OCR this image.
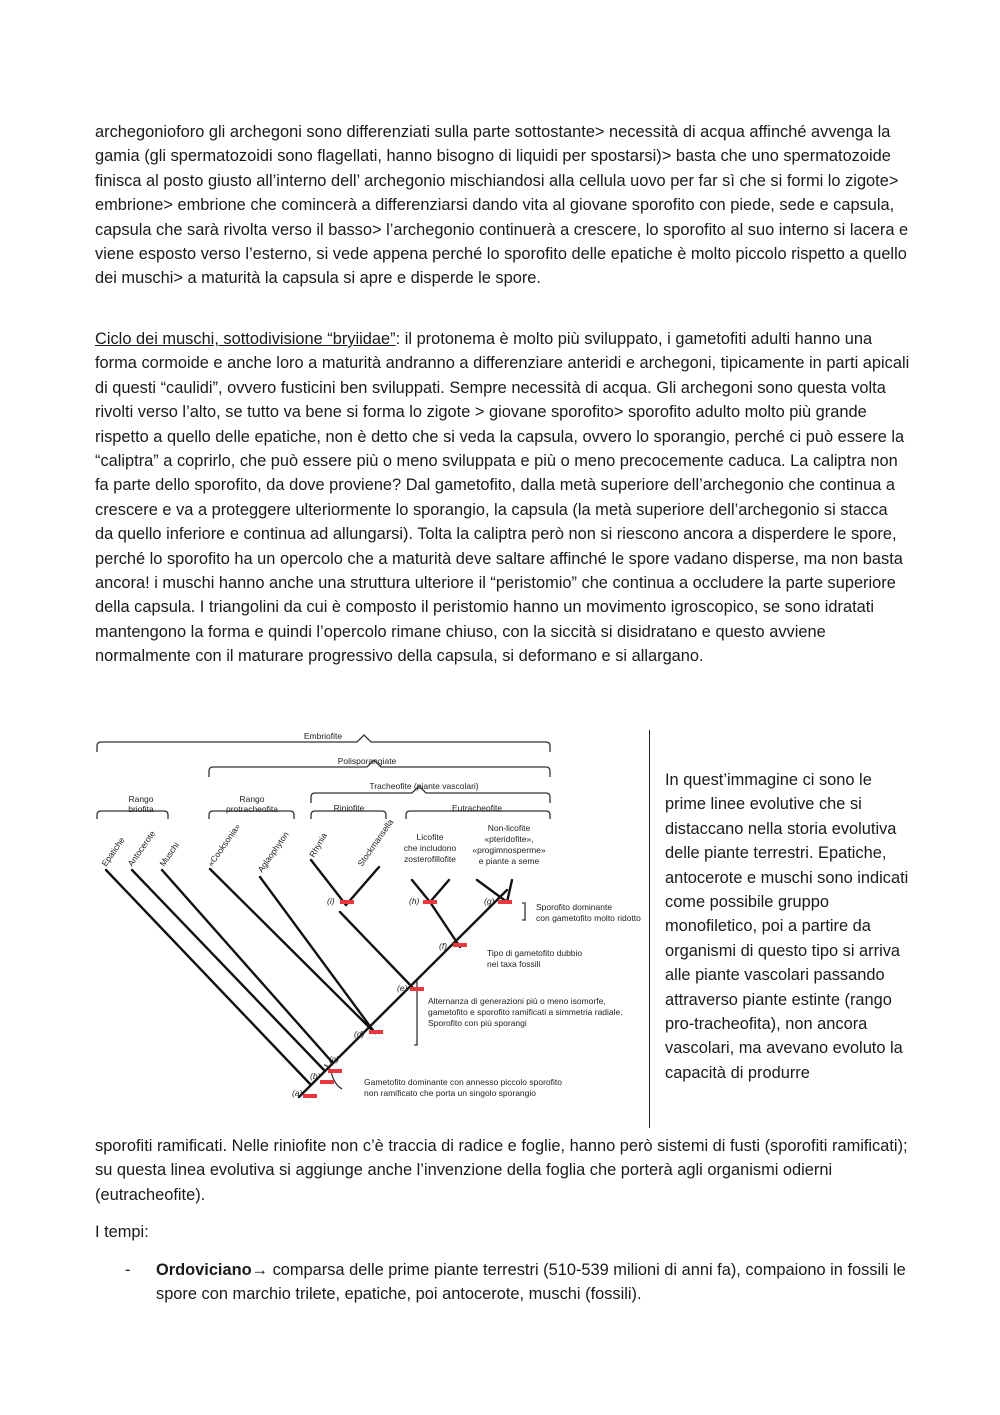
archegonioforo gli archegoni sono differenziati sulla parte sottostante> necessità di acqua affinché avvenga la gamia (gli spermatozoidi sono flagellati, hanno bisogno di liquidi per spostarsi)> basta che uno spermatozoide finisca al posto giusto all’interno dell’ archegonio mischiandosi alla cellula uovo per far sì che si formi lo zigote> embrione> embrione che comincerà a differenziarsi dando vita al giovane sporofito con piede, sede e capsula, capsula che sarà rivolta verso il basso> l’archegonio continuerà a crescere, lo sporofito al suo interno si lacera e viene esposto verso l’esterno, si vede appena perché lo sporofito delle epatiche è molto piccolo rispetto a quello dei muschi> a maturità la capsula si apre e disperde le spore.

Ciclo dei muschi, sottodivisione “bryiidae”: il protonema è molto più sviluppato, i gametofiti adulti hanno una forma cormoide e anche loro a maturità andranno a differenziare anteridi e archegoni, tipicamente in parti apicali di questi “caulidi”, ovvero fusticini ben sviluppati. Sempre necessità di acqua. Gli archegoni sono questa volta rivolti verso l’alto, se tutto va bene si forma lo zigote > giovane sporofito> sporofito adulto molto più grande rispetto a quello delle epatiche, non è detto che si veda la capsula, ovvero lo sporangio, perché ci può essere la “caliptra” a coprirlo, che può essere più o meno sviluppata e più o meno precocemente caduca. La caliptra non fa parte dello sporofito, da dove proviene? Dal gametofito, dalla metà superiore dell’archegonio che continua a crescere e va a proteggere ulteriormente lo sporangio, la capsula (la metà superiore dell’archegonio si stacca da quello inferiore e continua ad allungarsi). Tolta la caliptra però non si riescono ancora a disperdere le spore, perché lo sporofito ha un opercolo che a maturità deve saltare affinché le spore vadano disperse, ma non basta ancora! i muschi hanno anche una struttura ulteriore il “peristomio” che continua a occludere la parte superiore della capsula. I triangolini da cui è composto il peristomio hanno un movimento igroscopico, se sono idratati mantengono la forma e quindi l’opercolo rimane chiuso, con la siccità si disidratano e questo avviene normalmente con il maturare progressivo della capsula, si deformano e si allargano.

Embriofite
Polisporangiate
Tracheofite (piante vascolari)
Rango
briofita
Rango
protracheofita	Riniofite	Eutracheofite
Epatiche
Antocerote Muschi	«Cooksonia» Aglaophyton Rhynia	Stockmansella Licofite
che includono
zosterofillofite
Non-licofite
«pteridofite»,
«progimnosperme»
e piante a seme
(a)
(b)
(c)
(d)
(e)
(f)
(g)
(h)
(i)
Sporofito dominante
con gametofito molto ridotto
Tipo di gametofito dubbio
nei taxa fossili
Alternanza di generazioni più o meno isomorfe,
gametofito e sporofito ramificati a simmetria radiale.
Sporofito con più sporangi
Gametofito dominante con annesso piccolo sporofito
non ramificato che porta un singolo sporangio

In quest’immagine ci sono le prime linee evolutive che si distaccano nella storia evolutiva delle piante terrestri. Epatiche, antocerote e muschi sono indicati come possibile gruppo monofiletico, poi a partire da organismi di questo tipo si arriva alle piante vascolari passando attraverso piante estinte (rango pro-tracheofita), non ancora vascolari, ma avevano evoluto la capacità di produrre

sporofiti ramificati. Nelle riniofite non c’è traccia di radice e foglie, hanno però sistemi di fusti (sporofiti ramificati); su questa linea evolutiva si aggiunge anche l’invenzione della foglia che porterà agli organismi odierni (eutracheofite).

I tempi:

- Ordoviciano→ comparsa delle prime piante terrestri (510-539 milioni di anni fa), compaiono in fossili le spore con marchio trilete, epatiche, poi antocerote, muschi (fossili).
